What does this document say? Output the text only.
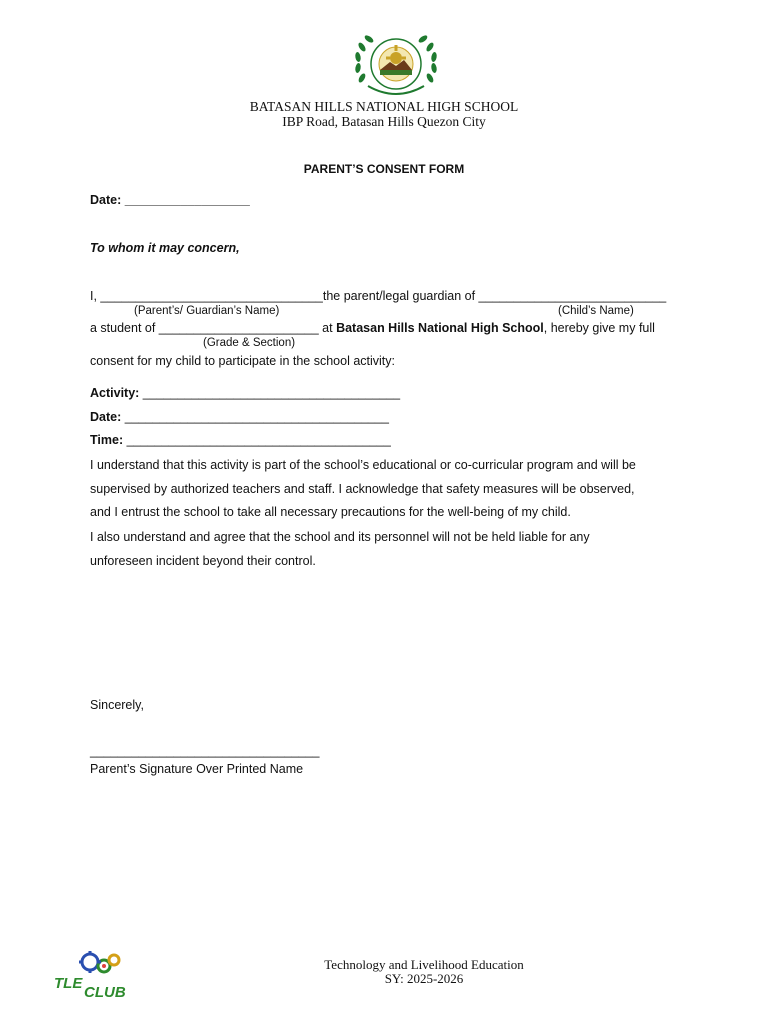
BATASAN HILLS NATIONAL HIGH SCHOOL
IBP Road, Batasan Hills Quezon City
PARENT’S CONSENT FORM
Date: __________________
To whom it may concern,
I, ________________________________the parent/legal guardian of ___________________________
(Parent’s/ Guardian’s Name)	(Child’s Name)
a student of _______________________ at Batasan Hills National High School, hereby give my full
(Grade & Section)
consent for my child to participate in the school activity:
Activity: _____________________________________
Date: ______________________________________
Time: ______________________________________
I understand that this activity is part of the school’s educational or co-curricular program and will be
supervised by authorized teachers and staff. I acknowledge that safety measures will be observed,
and I entrust the school to take all necessary precautions for the well-being of my child.
I also understand and agree that the school and its personnel will not be held liable for any
unforeseen incident beyond their control.
Sincerely,
_________________________________
Parent’s Signature Over Printed Name
TLE
CLUB
Technology and Livelihood Education
SY: 2025-2026
